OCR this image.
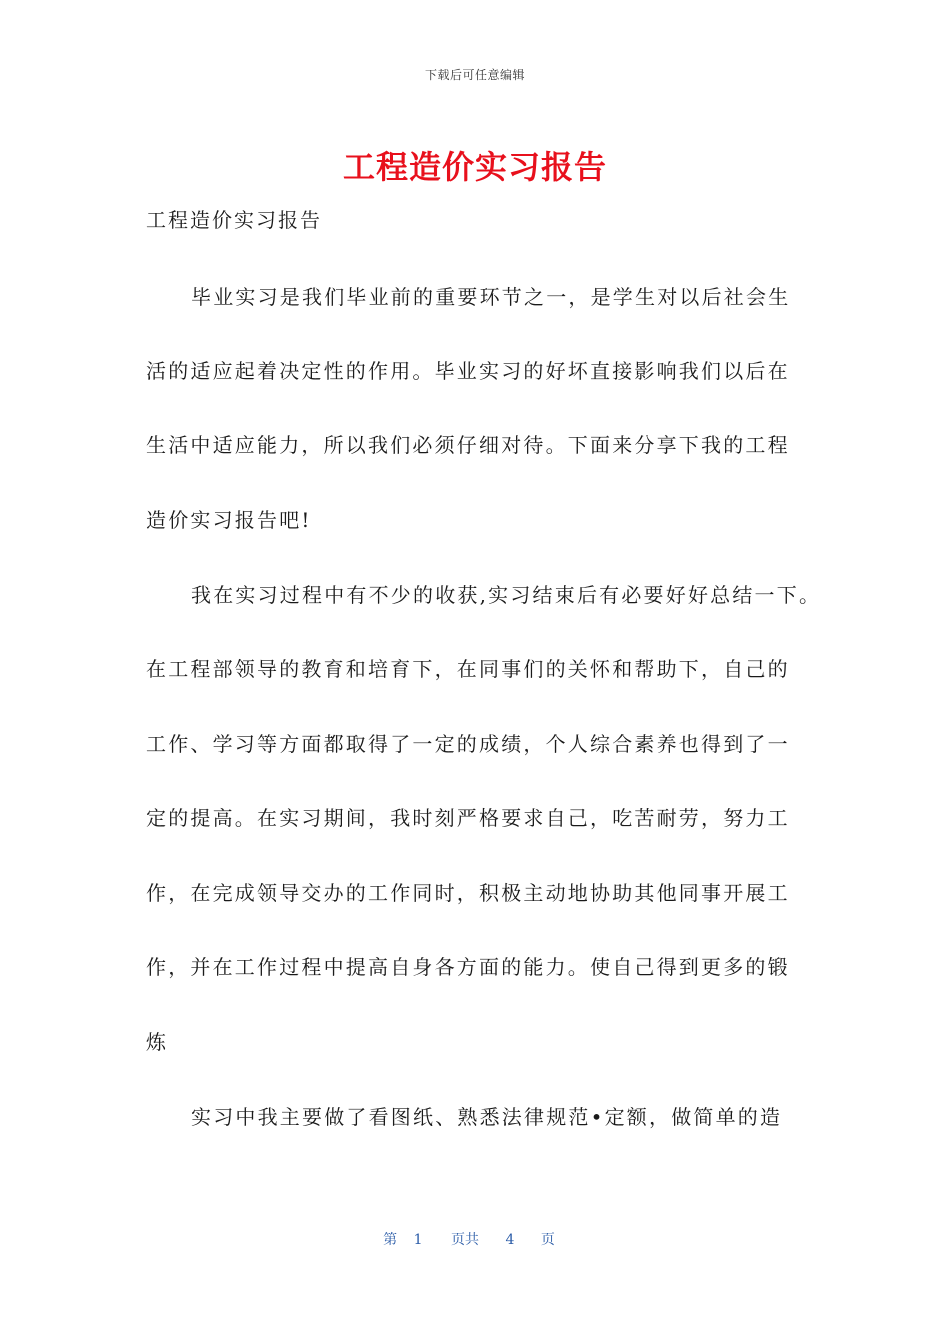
下载后可任意编辑
工程造价实习报告
工程造价实习报告
毕业实习是我们毕业前的重要环节之一，是学生对以后社会生
活的适应起着决定性的作用。毕业实习的好坏直接影响我们以后在
生活中适应能力，所以我们必须仔细对待。下面来分享下我的工程
造价实习报告吧!
我在实习过程中有不少的收获,实习结束后有必要好好总结一下。
在工程部领导的教育和培育下，在同事们的关怀和帮助下，自己的
工作、学习等方面都取得了一定的成绩，个人综合素养也得到了一
定的提高。在实习期间，我时刻严格要求自己，吃苦耐劳，努力工
作，在完成领导交办的工作同时，积极主动地协助其他同事开展工
作，并在工作过程中提高自身各方面的能力。使自己得到更多的锻
炼
实习中我主要做了看图纸、熟悉法律规范•定额，做简单的造
第 1 页共 4 页
